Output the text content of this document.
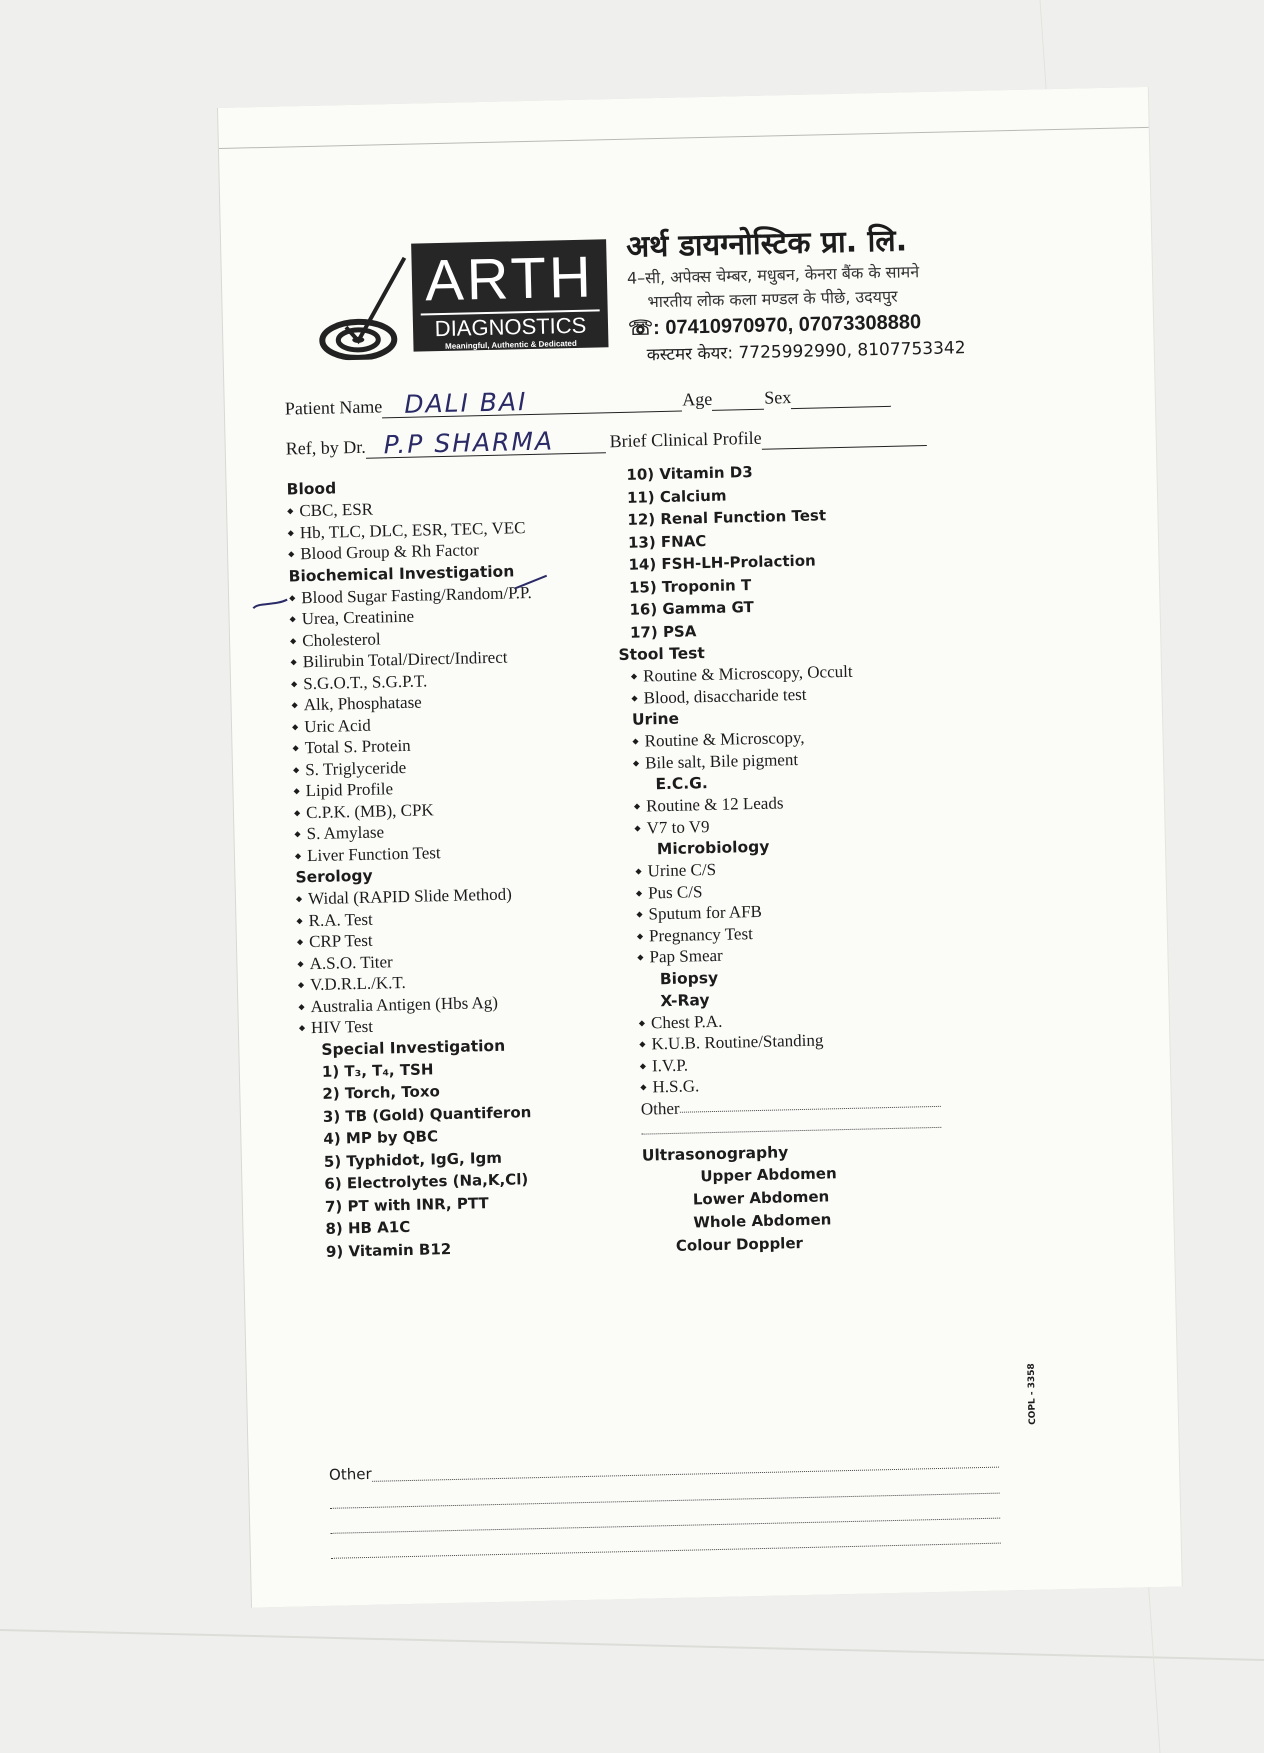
ARTH
DIAGNOSTICS
Meaningful, Authentic & Dedicated
अर्थ डायग्नोस्टिक प्रा. लि.
4–सी, अपेक्स चेम्बर, मधुबन, केनरा बैंक के सामने
भारतीय लोक कला मण्डल के पीछे, उदयपुर
☏: 07410970970, 07073308880
कस्टमर केयर: 7725992990, 8107753342
Patient Name DALI BAI	Age	Sex
Ref, by Dr. P.P SHARMA	Brief Clinical Profile
Blood
◆ CBC, ESR
◆ Hb, TLC, DLC, ESR, TEC, VEC
◆ Blood Group & Rh Factor
Biochemical Investigation
◆ Blood Sugar Fasting/Random/P.P.
◆ Urea, Creatinine
◆ Cholesterol
◆ Bilirubin Total/Direct/Indirect
◆ S.G.O.T., S.G.P.T.
◆ Alk, Phosphatase
◆ Uric Acid
◆ Total S. Protein
◆ S. Triglyceride
◆ Lipid Profile
◆ C.P.K. (MB), CPK
◆ S. Amylase
◆ Liver Function Test
Serology
◆ Widal (RAPID Slide Method)
◆ R.A. Test
◆ CRP Test
◆ A.S.O. Titer
◆ V.D.R.L./K.T.
◆ Australia Antigen (Hbs Ag)
◆ HIV Test
Special Investigation
1) T₃, T₄, TSH
2) Torch, Toxo
3) TB (Gold) Quantiferon
4) MP by QBC
5) Typhidot, IgG, Igm
6) Electrolytes (Na,K,Cl)
7) PT with INR, PTT
8) HB A1C
9) Vitamin B12
10) Vitamin D3
11) Calcium
12) Renal Function Test
13) FNAC
14) FSH-LH-Prolaction
15) Troponin T
16) Gamma GT
17) PSA
Stool Test
◆ Routine & Microscopy, Occult
◆ Blood, disaccharide test
Urine
◆ Routine & Microscopy,
◆ Bile salt, Bile pigment
E.C.G.
◆ Routine & 12 Leads
◆ V7 to V9
Microbiology
◆ Urine C/S
◆ Pus C/S
◆ Sputum for AFB
◆ Pregnancy Test
◆ Pap Smear
Biopsy
X-Ray
◆ Chest P.A.
◆ K.U.B. Routine/Standing
◆ I.V.P.
◆ H.S.G.
Other
Ultrasonography
Upper Abdomen
Lower Abdomen
Whole Abdomen
Colour Doppler
COPL - 3358
Other
